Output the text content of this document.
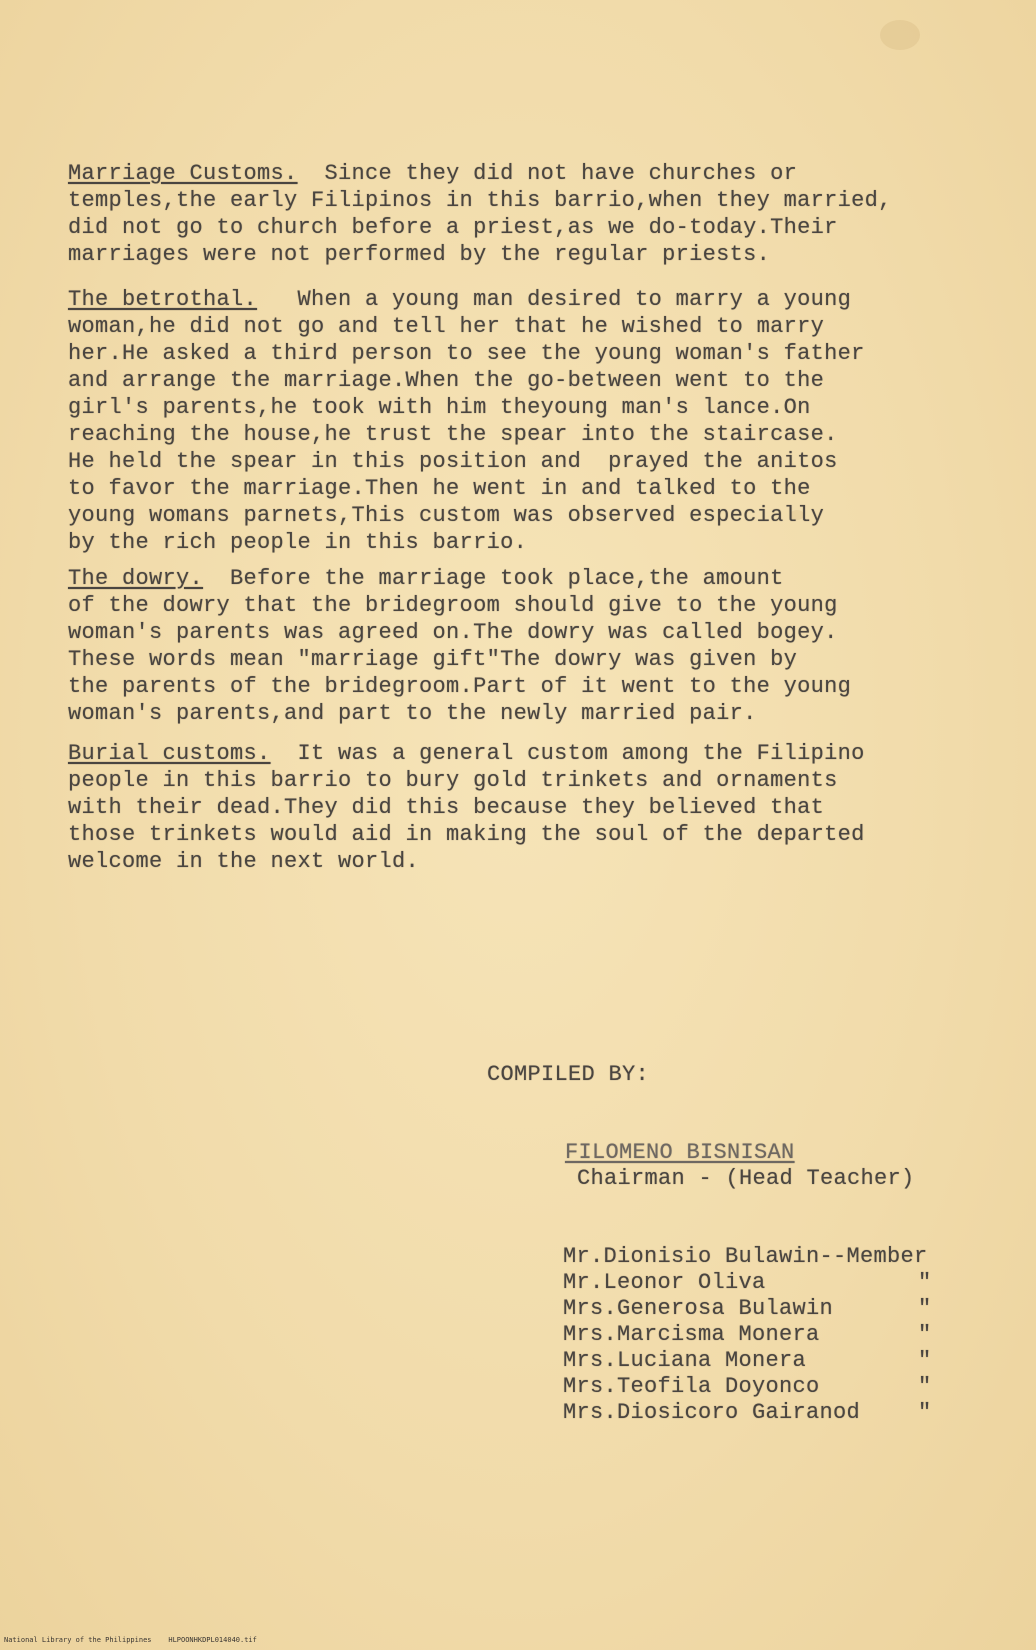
Marriage Customs.  Since they did not have churches or
temples,the early Filipinos in this barrio,when they married,
did not go to church before a priest,as we do-today.Their
marriages were not performed by the regular priests.

The betrothal.   When a young man desired to marry a young
woman,he did not go and tell her that he wished to marry
her.He asked a third person to see the young woman's father
and arrange the marriage.When the go-between went to the
girl's parents,he took with him theyoung man's lance.On
reaching the house,he trust the spear into the staircase.
He held the spear in this position and  prayed the anitos
to favor the marriage.Then he went in and talked to the
young womans parnets,This custom was observed especially
by the rich people in this barrio.

The dowry.  Before the marriage took place,the amount
of the dowry that the bridegroom should give to the young
woman's parents was agreed on.The dowry was called bogey.
These words mean "marriage gift"The dowry was given by
the parents of the bridegroom.Part of it went to the young
woman's parents,and part to the newly married pair.

Burial customs.  It was a general custom among the Filipino
people in this barrio to bury gold trinkets and ornaments
with their dead.They did this because they believed that
those trinkets would aid in making the soul of the departed
welcome in the next world.

COMPILED BY:
FILOMENO BISNISAN
Chairman - (Head Teacher)
Mr.Dionisio Bulawin--Member
Mr.Leonor Oliva	"
Mrs.Generosa Bulawin	"
Mrs.Marcisma Monera	"
Mrs.Luciana Monera	"
Mrs.Teofila Doyonco	"
Mrs.Diosicoro Gairanod	"
National Library of the Philippines    HLPOONHKDPL014040.tif
